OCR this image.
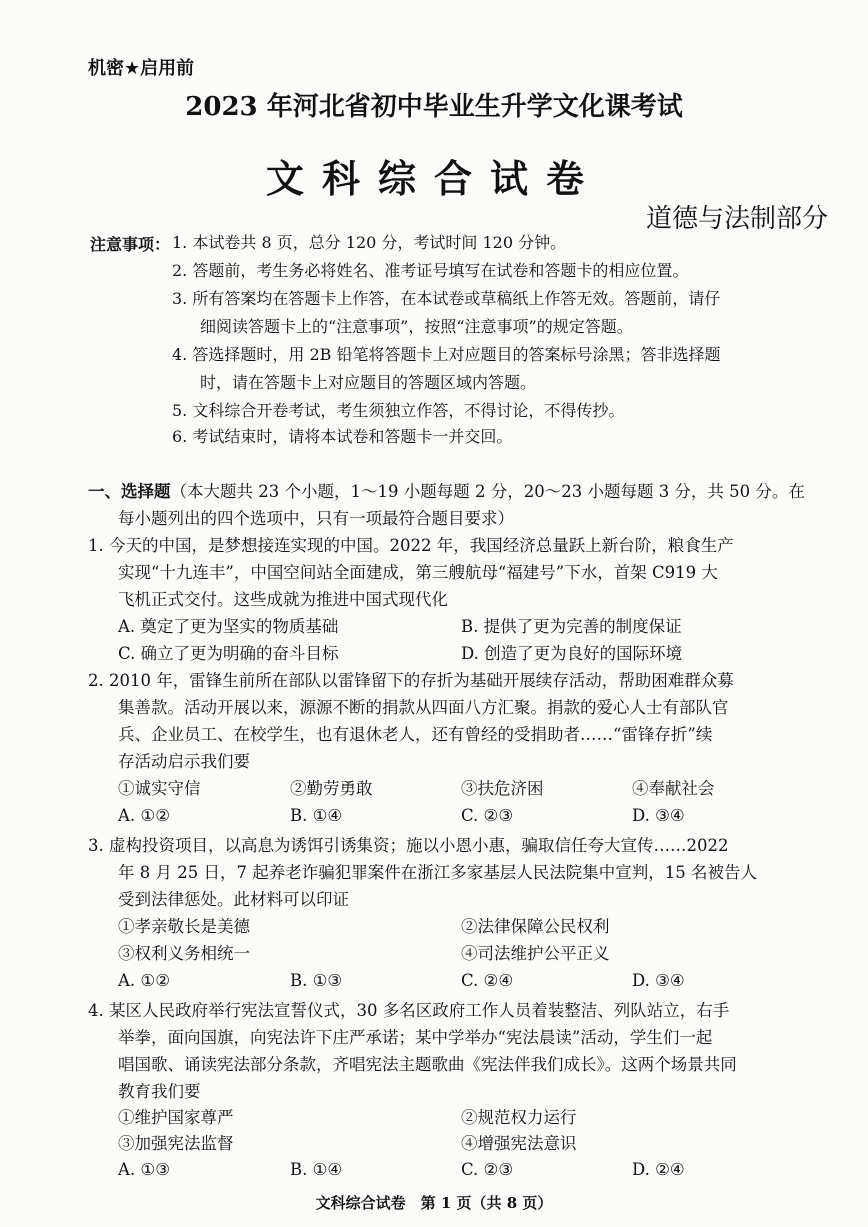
机密★启用前
2023 年河北省初中毕业生升学文化课考试
文科综合试卷
道德与法制部分
注意事项： 1. 本试卷共 8 页，总分 120 分，考试时间 120 分钟。
2. 答题前，考生务必将姓名、准考证号填写在试卷和答题卡的相应位置。
3. 所有答案均在答题卡上作答，在本试卷或草稿纸上作答无效。答题前，请仔
细阅读答题卡上的“注意事项”，按照“注意事项”的规定答题。
4. 答选择题时，用 2B 铅笔将答题卡上对应题目的答案标号涂黑；答非选择题
时，请在答题卡上对应题目的答题区域内答题。
5. 文科综合开卷考试，考生须独立作答，不得讨论，不得传抄。
6. 考试结束时，请将本试卷和答题卡一并交回。
一、选择题（本大题共 23 个小题，1～19 小题每题 2 分，20～23 小题每题 3 分，共 50 分。在
每小题列出的四个选项中，只有一项最符合题目要求）
1. 今天的中国，是梦想接连实现的中国。2022 年，我国经济总量跃上新台阶，粮食生产
实现“十九连丰”，中国空间站全面建成，第三艘航母“福建号”下水，首架 C919 大
飞机正式交付。这些成就为推进中国式现代化
A. 奠定了更为坚实的物质基础	B. 提供了更为完善的制度保证
C. 确立了更为明确的奋斗目标	D. 创造了更为良好的国际环境
2. 2010 年，雷锋生前所在部队以雷锋留下的存折为基础开展续存活动，帮助困难群众募
集善款。活动开展以来，源源不断的捐款从四面八方汇聚。捐款的爱心人士有部队官
兵、企业员工、在校学生，也有退休老人，还有曾经的受捐助者……“雷锋存折”续
存活动启示我们要
①诚实守信	②勤劳勇敢	③扶危济困	④奉献社会
A. ①②	B. ①④	C. ②③	D. ③④
3. 虚构投资项目，以高息为诱饵引诱集资；施以小恩小惠，骗取信任夸大宣传……2022
年 8 月 25 日，7 起养老诈骗犯罪案件在浙江多家基层人民法院集中宣判，15 名被告人
受到法律惩处。此材料可以印证
①孝亲敬长是美德	②法律保障公民权利
③权利义务相统一	④司法维护公平正义
A. ①②	B. ①③	C. ②④	D. ③④
4. 某区人民政府举行宪法宣誓仪式，30 多名区政府工作人员着装整洁、列队站立，右手
举拳，面向国旗，向宪法许下庄严承诺；某中学举办“宪法晨读”活动，学生们一起
唱国歌、诵读宪法部分条款，齐唱宪法主题歌曲《宪法伴我们成长》。这两个场景共同
教育我们要
①维护国家尊严	②规范权力运行
③加强宪法监督	④增强宪法意识
A. ①③	B. ①④	C. ②③	D. ②④
文科综合试卷　第 1 页（共 8 页）
